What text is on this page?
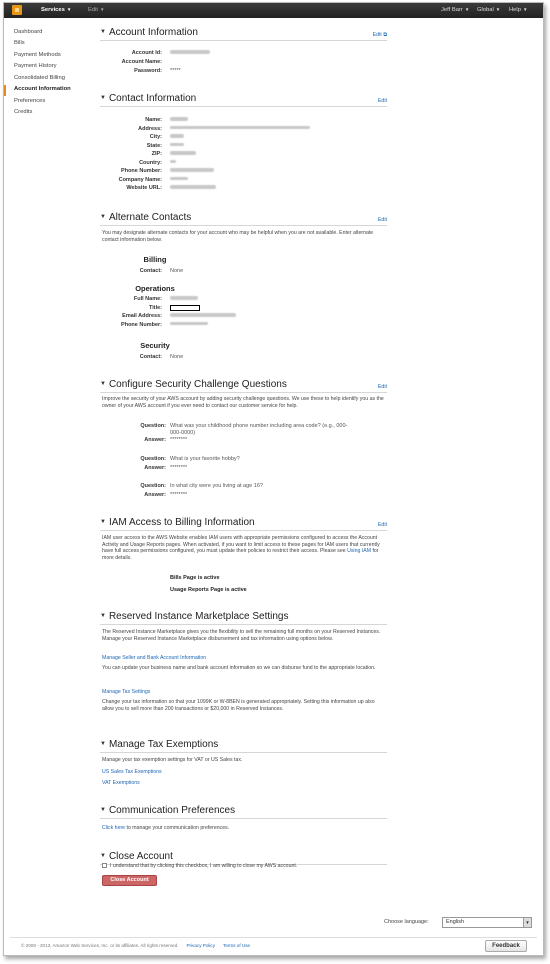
Services ▼	Edit ▼	Jeff Barr ▼ Global ▼ Help ▼
Dashboard
Bills
Payment Methods
Payment History
Consolidated Billing
Account Information
Preferences
Credits
▼ Account Information	Edit ⧉
Account Id:
Account Name:
Password: *****
▼ Contact Information	Edit
Name:
Address:
City:
State:
ZIP:
Country:
Phone Number:
Company Name:
Website URL:
▼ Alternate Contacts	Edit
You may designate alternate contacts for your account who may be helpful when you are not available. Enter alternate contact information below.
Billing
Contact: None
Operations
Full Name:
Title:
Email Address:
Phone Number:
Security
Contact: None
▼ Configure Security Challenge Questions	Edit
Improve the security of your AWS account by adding security challenge questions. We use these to help identify you as the owner of your AWS account if you ever need to contact our customer service for help.
Question: What was your childhood phone number including area code? (e.g., 000-000-0000)
Answer: ********
Question: What is your favorite hobby?
Answer: ********
Question: In what city were you living at age 16?
Answer: ********
▼ IAM Access to Billing Information	Edit
IAM user access to the AWS Website enables IAM users with appropriate permissions configured to access the Account Activity and Usage Reports pages. When activated, if you want to limit access to these pages for IAM users that currently have full access permissions configured, you must update their policies to restrict their access. Please see Using IAM for more details.
Bills Page is active
Usage Reports Page is active
▼ Reserved Instance Marketplace Settings
The Reserved Instance Marketplace gives you the flexibility to sell the remaining full months on your Reserved Instances. Manage your Reserved Instance Marketplace disbursement and tax information using options below.
Manage Seller and Bank Account Information
You can update your business name and bank account information so we can disburse fund to the appropriate location.
Manage Tax Settings
Change your tax information so that your 1099K or W-8BEN is generated appropriately. Setting this information up also allow you to sell more than 200 transactions or $20,000 in Reserved Instances.
▼ Manage Tax Exemptions
Manage your tax exemption settings for VAT or US Sales tax.
US Sales Tax Exemptions
VAT Exemptions
▼ Communication Preferences
Click here to manage your communication preferences.
▼ Close Account
I understand that by clicking this checkbox, I am willing to close my AWS account.
Close Account
Choose language:	English	▼
© 2008 - 2013, Amazon Web Services, Inc. or its affiliates. All rights reserved. Privacy Policy Terms of Use	Feedback
